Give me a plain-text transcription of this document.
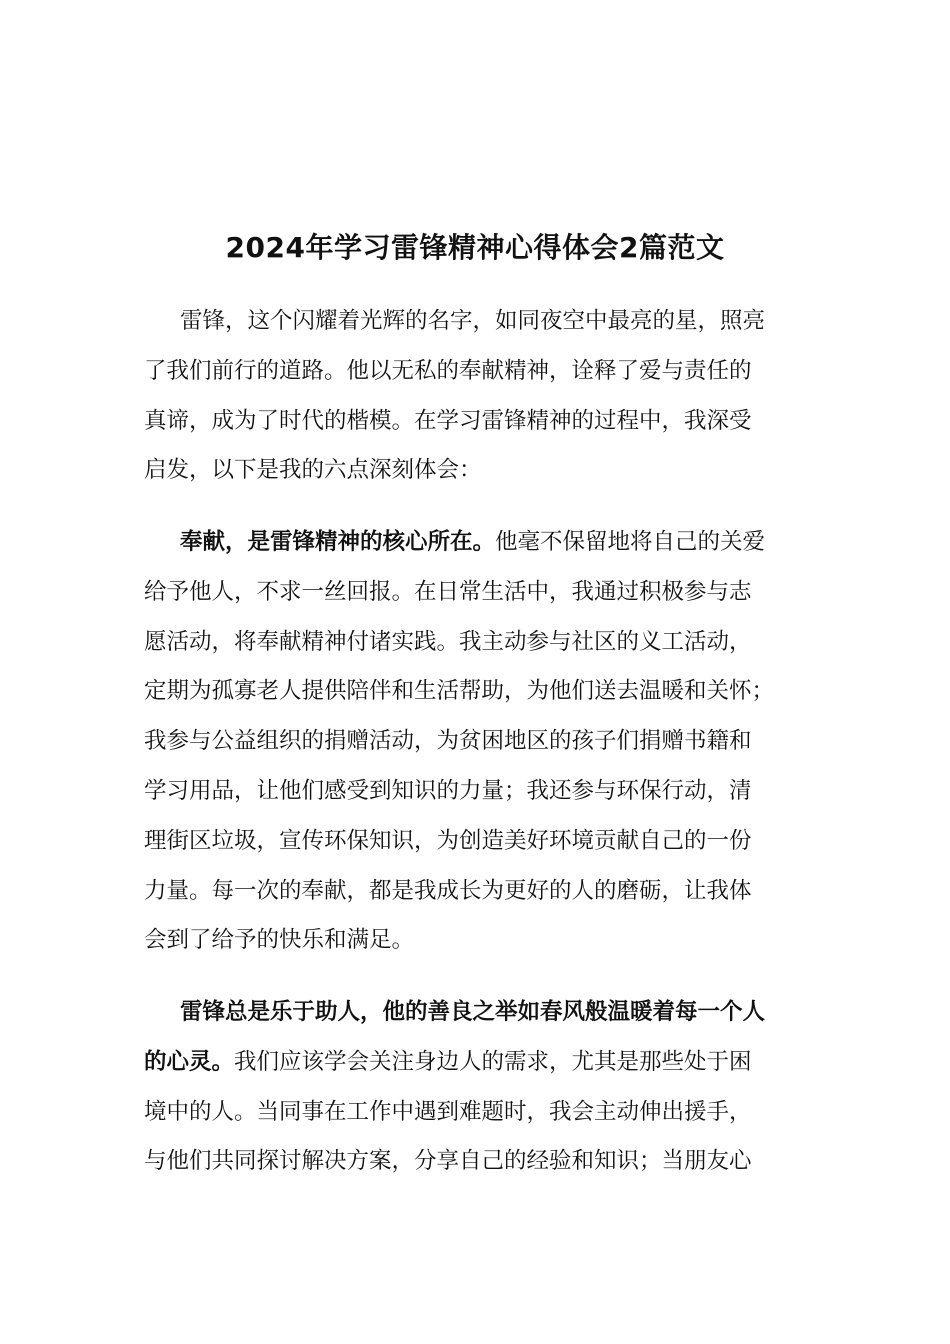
2024年学习雷锋精神心得体会2篇范文
雷锋，这个闪耀着光辉的名字，如同夜空中最亮的星，照亮
了我们前行的道路。他以无私的奉献精神，诠释了爱与责任的
真谛，成为了时代的楷模。在学习雷锋精神的过程中，我深受
启发，以下是我的六点深刻体会：
奉献，是雷锋精神的核心所在。他毫不保留地将自己的关爱
给予他人，不求一丝回报。在日常生活中，我通过积极参与志
愿活动，将奉献精神付诸实践。我主动参与社区的义工活动，
定期为孤寡老人提供陪伴和生活帮助，为他们送去温暖和关怀；
我参与公益组织的捐赠活动，为贫困地区的孩子们捐赠书籍和
学习用品，让他们感受到知识的力量；我还参与环保行动，清
理街区垃圾，宣传环保知识，为创造美好环境贡献自己的一份
力量。每一次的奉献，都是我成长为更好的人的磨砺，让我体
会到了给予的快乐和满足。
雷锋总是乐于助人，他的善良之举如春风般温暖着每一个人
的心灵。我们应该学会关注身边人的需求，尤其是那些处于困
境中的人。当同事在工作中遇到难题时，我会主动伸出援手，
与他们共同探讨解决方案，分享自己的经验和知识；当朋友心
